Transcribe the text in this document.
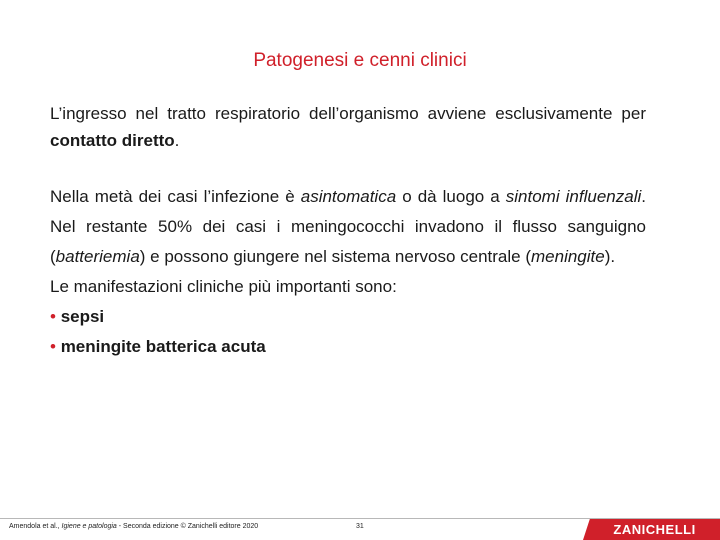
Patogenesi e cenni clinici
L’ingresso nel tratto respiratorio dell’organismo avviene esclusivamente per contatto diretto.

Nella metà dei casi l’infezione è asintomatica o dà luogo a sintomi influenzali. Nel restante 50% dei casi i meningococchi invadono il flusso sanguigno (batteriemia) e possono giungere nel sistema nervoso centrale (meningite).

Le manifestazioni cliniche più importanti sono:

• sepsi
• meningite batterica acuta
Amendola et al., Igiene e patologia - Seconda edizione © Zanichelli editore 2020	31	ZANICHELLI
